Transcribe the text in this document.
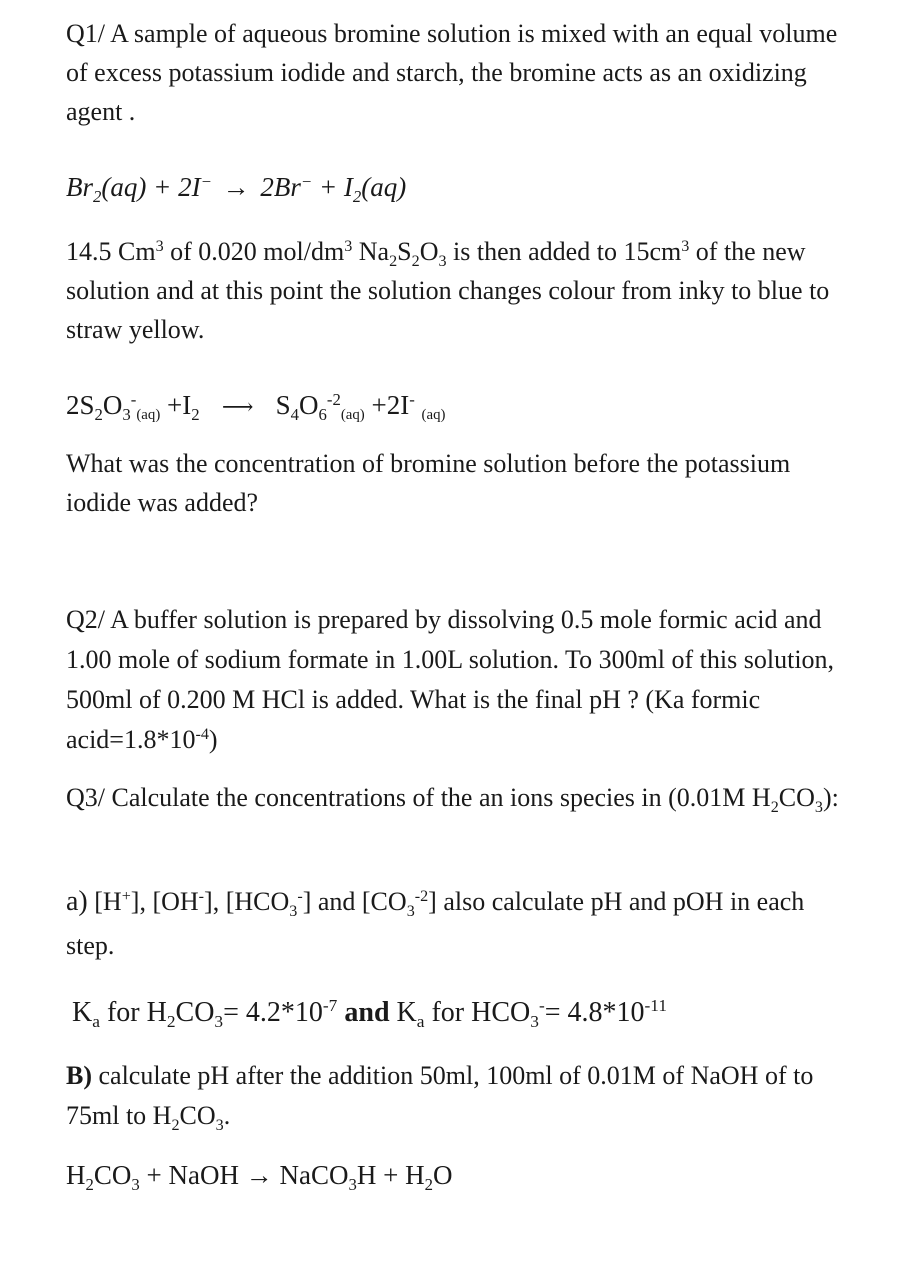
Q1/ A sample of aqueous bromine solution is mixed with an equal volume of excess potassium iodide and starch, the bromine acts as an oxidizing agent .

$Br_2(aq) + 2I^- \to 2Br^- + I_2(aq)$

14.5 Cm$^3$ of 0.020 mol/$dm^3$ $Na_2S_2O_3$ is then added to $15cm^3$ of the new solution and at this point the solution changes colour from inky to blue to straw yellow.

$2S_2O_3^-(aq) +I_2$ ⟶ $S_4O_6^{-2}(aq) +2I^-$ (aq)

What was the concentration of bromine solution before the potassium iodide was added?

Q2/ A buffer solution is prepared by dissolving 0.5 mole formic acid and 1.00 mole of sodium formate in 1.00L solution. To 300ml of this solution, 500ml of 0.200 M HCl is added. What is the final pH ? (Ka formic $acid=1.8*10^{-4}$)

Q3/ Calculate the concentrations of the an ions species in (0.01M $H_2CO_3$):

a) [H+], [OH-], $[HCO_3^-]$ and $[CO_3^{-2}]$ also calculate pH and pOH in each step.

$K_a$ for $H_2CO_3= 4.2*10^{-7}$ and $K_a$ for $HCO_3^-= 4.8*10^{-11}$

B) calculate pH after the addition 50ml, 100ml of 0.01M of NaOH of to 75ml to $H_2CO_3$.

$H_2CO_3$ + NaOH → NaCO$_3$H + $H_2O$
